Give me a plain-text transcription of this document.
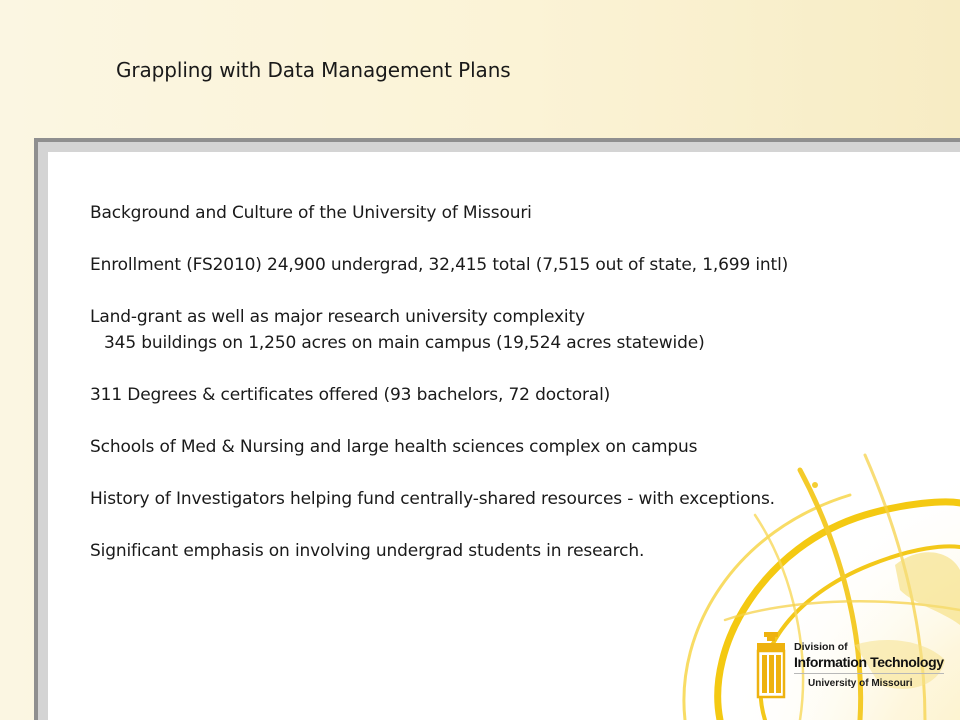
Grappling with Data Management Plans
Background and Culture of the University of Missouri
Enrollment (FS2010) 24,900 undergrad, 32,415 total (7,515 out of state, 1,699 intl)
Land-grant as well as major research university complexity
345 buildings on 1,250 acres on main campus (19,524 acres statewide)
311 Degrees & certificates offered (93 bachelors, 72 doctoral)
Schools of Med & Nursing and large health sciences complex on campus
History of Investigators helping fund centrally-shared resources - with exceptions.
Significant emphasis on involving undergrad students in research.
Division of
Information Technology
University of Missouri
